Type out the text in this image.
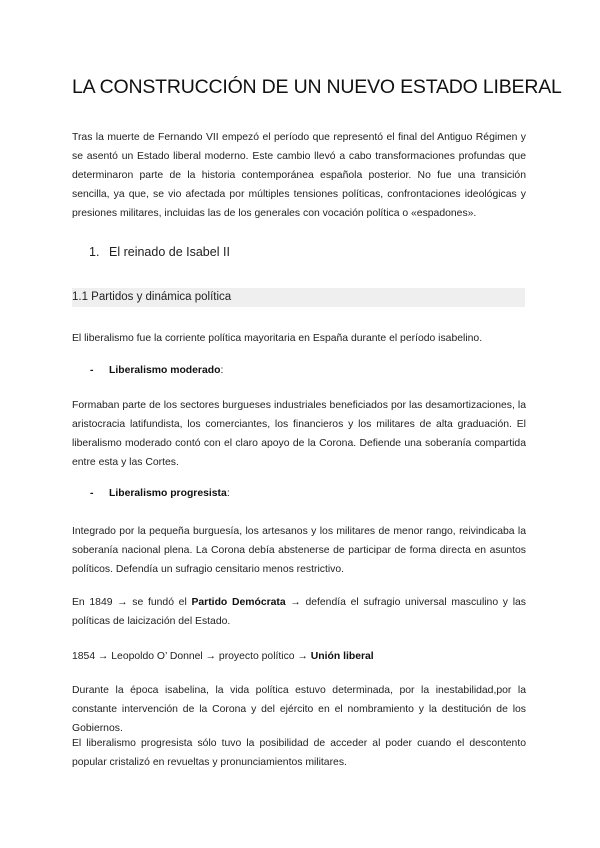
LA CONSTRUCCIÓN DE UN NUEVO ESTADO LIBERAL
Tras la muerte de Fernando VII empezó el período que representó el final del Antiguo Régimen y se asentó un Estado liberal moderno. Este cambio llevó a cabo transformaciones profundas que determinaron parte de la historia contemporánea española posterior. No fue una transición sencilla, ya que, se vio afectada por múltiples tensiones políticas, confrontaciones ideológicas y presiones militares, incluidas las de los generales con vocación política o «espadones».
1. El reinado de Isabel II
1.1 Partidos y dinámica política
El liberalismo fue la corriente política mayoritaria en España durante el período isabelino.
- Liberalismo moderado:
Formaban parte de los sectores burgueses industriales beneficiados por las desamortizaciones, la aristocracia latifundista, los comerciantes, los financieros y los militares de alta graduación. El liberalismo moderado contó con el claro apoyo de la Corona. Defiende una soberanía compartida entre esta y las Cortes.
- Liberalismo progresista:
Integrado por la pequeña burguesía, los artesanos y los militares de menor rango, reivindicaba la soberanía nacional plena. La Corona debía abstenerse de participar de forma directa en asuntos políticos. Defendía un sufragio censitario menos restrictivo.
En 1849 → se fundó el Partido Demócrata → defendía el sufragio universal masculino y las políticas de laicización del Estado.
1854 → Leopoldo O’ Donnel → proyecto político → Unión liberal
Durante la época isabelina, la vida política estuvo determinada, por la inestabilidad,por la constante intervención de la Corona y del ejército en el nombramiento y la destitución de los Gobiernos.
El liberalismo progresista sólo tuvo la posibilidad de acceder al poder cuando el descontento popular cristalizó en revueltas y pronunciamientos militares.
